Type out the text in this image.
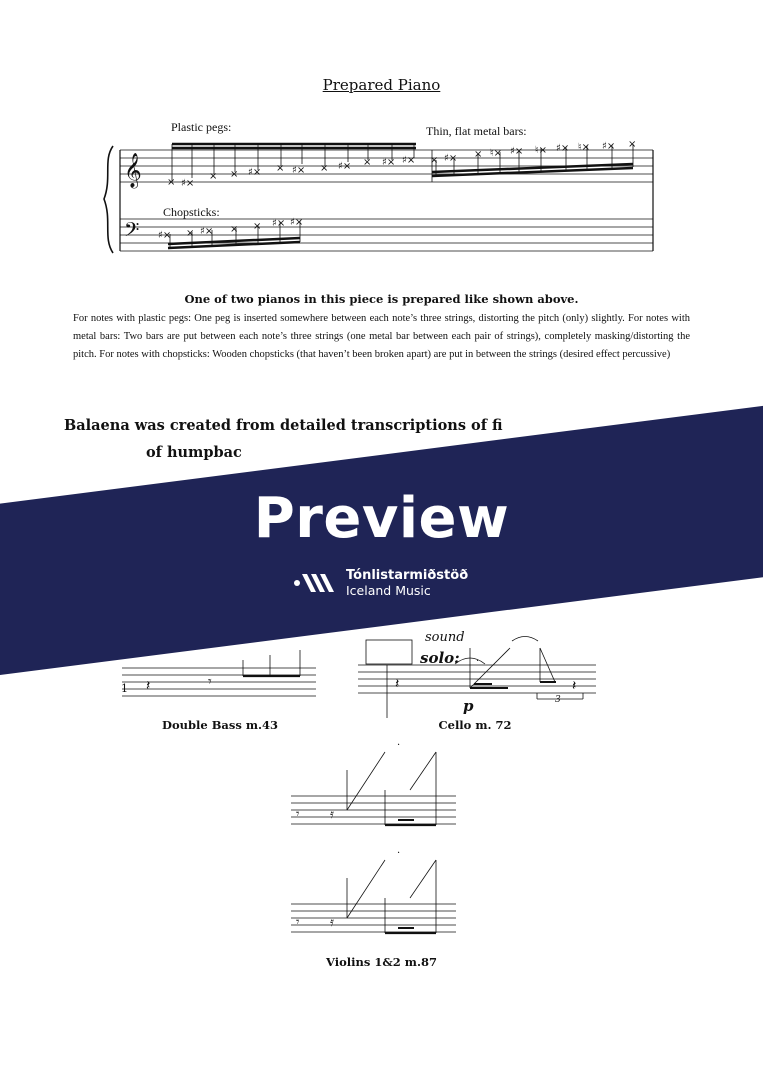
Prepared Piano
𝄞
𝄢
× ♯×
× × ♯× × ♯× × ♯× × ♯× ♯× × ♯× × ♮× ♯× ♮× ♯× ♮× ♯× ×
♯× × ♯× × × ♯× ♯×
𝄽	𝄾
1
·
𝄽	𝄽
3
·
·
𝄾 𝄿
𝄾 𝄿
Plastic pegs:	Thin, flat metal bars:
Chopsticks:
One of two pianos in this piece is prepared like shown above.
For notes with plastic pegs: One peg is inserted somewhere between each note’s three strings, distorting the pitch (only) slightly. For notes with metal bars: Two bars are put between each note’s three strings (one metal bar between each pair of strings), completely masking/distorting the pitch. For notes with chopsticks: Wooden chopsticks (that haven’t been broken apart) are put in between the strings (desired effect percussive)
Balaena was created from detailed transcriptions of fi
of humpbac
sound
solo:
p
Preview
Tónlistarmiðstöð
Iceland Music
Double Bass m.43	Cello m. 72
Violins 1&2 m.87
